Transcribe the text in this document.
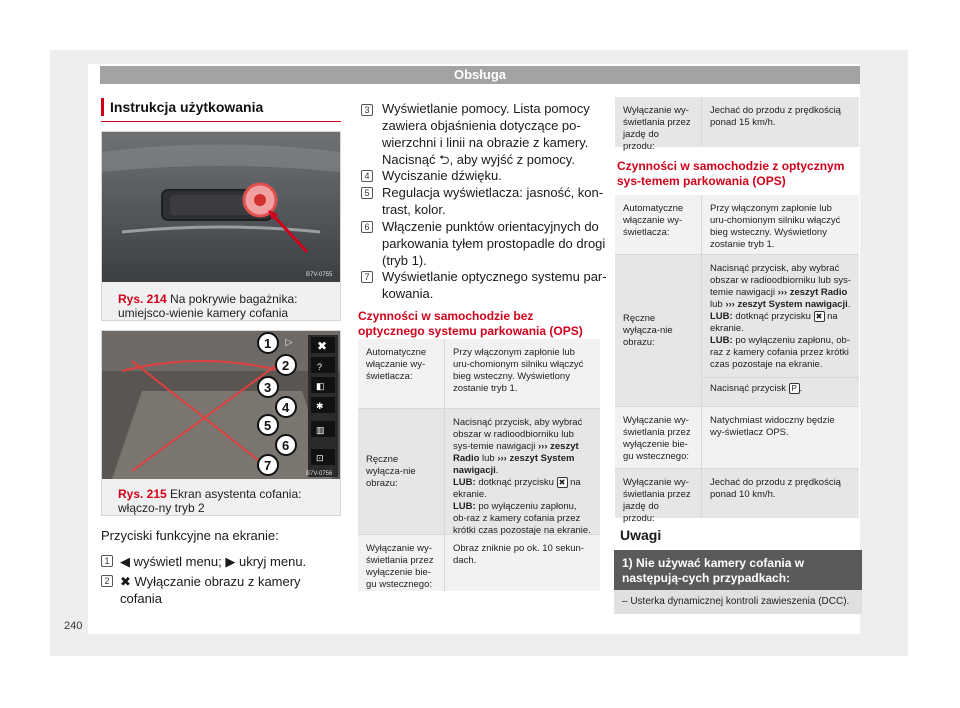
Obsługa
Instrukcja użytkowania
B7V-0755
Rys. 214 Na pokrywie bagażnika: umiejsco-wienie kamery cofania
▷ ✖
?
◧
✱
▥
⊡
1
2
3
4
5
6
7
B7V-0756
Rys. 215 Ekran asystenta cofania: włączo-ny tryb 2
Przyciski funkcyjne na ekranie:
1 ◀ wyświetl menu; ▶ ukryj menu.
2 ✖ Wyłączanie obrazu z kamery cofania
3 Wyświetlanie pomocy. Lista pomocy zawiera objaśnienia dotyczące po-wierzchni i linii na obrazie z kamery. Nacisnąć ⮌, aby wyjść z pomocy.
4 Wyciszanie dźwięku.
5 Regulacja wyświetlacza: jasność, kon-trast, kolor.
6 Włączenie punktów orientacyjnych do parkowania tyłem prostopadle do drogi (tryb 1).
7 Wyświetlanie optycznego systemu par-kowania.
Czynności w samochodzie bez optycznego systemu parkowania (OPS)
Automatyczne włączanie wy-świetlacza:
Przy włączonym zapłonie lub uru-chomionym silniku włączyć bieg wsteczny. Wyświetlony zostanie tryb 1.
Ręczne wyłącza-nie obrazu:
Nacisnąć przycisk, aby wybrać obszar w radioodbiorniku lub sys-temie nawigacji ››› zeszyt Radio lub ››› zeszyt System nawigacji.
LUB: dotknąć przycisku ✖ na ekranie.
LUB: po wyłączeniu zapłonu, ob-raz z kamery cofania przez krótki czas pozostaje na ekranie.
Wyłączanie wy-świetlania przez wyłączenie bie-gu wstecznego:
Obraz zniknie po ok. 10 sekun-dach.
Wyłączanie wy-świetlania przez jazdę do przodu:
Jechać do przodu z prędkością ponad 15 km/h.
Czynności w samochodzie z optycznym sys-temem parkowania (OPS)
Automatyczne włączanie wy-świetlacza:
Przy włączonym zapłonie lub uru-chomionym silniku włączyć bieg wsteczny. Wyświetlony zostanie tryb 1.
Ręczne wyłącza-nie obrazu:
Nacisnąć przycisk, aby wybrać obszar w radioodbiorniku lub sys-temie nawigacji ››› zeszyt Radio lub ››› zeszyt System nawigacji.
LUB: dotknąć przycisku ✖ na ekranie.
LUB: po wyłączeniu zapłonu, ob-raz z kamery cofania przez krótki czas pozostaje na ekranie.
Nacisnąć przycisk P .
Wyłączanie wy-świetlania przez wyłączenie bie-gu wstecznego:
Natychmiast widoczny będzie wy-świetlacz OPS.
Wyłączanie wy-świetlania przez jazdę do przodu:
Jechać do przodu z prędkością ponad 10 km/h.
Uwagi
1) Nie używać kamery cofania w następują-cych przypadkach:
– Usterka dynamicznej kontroli zawieszenia (DCC).
240
